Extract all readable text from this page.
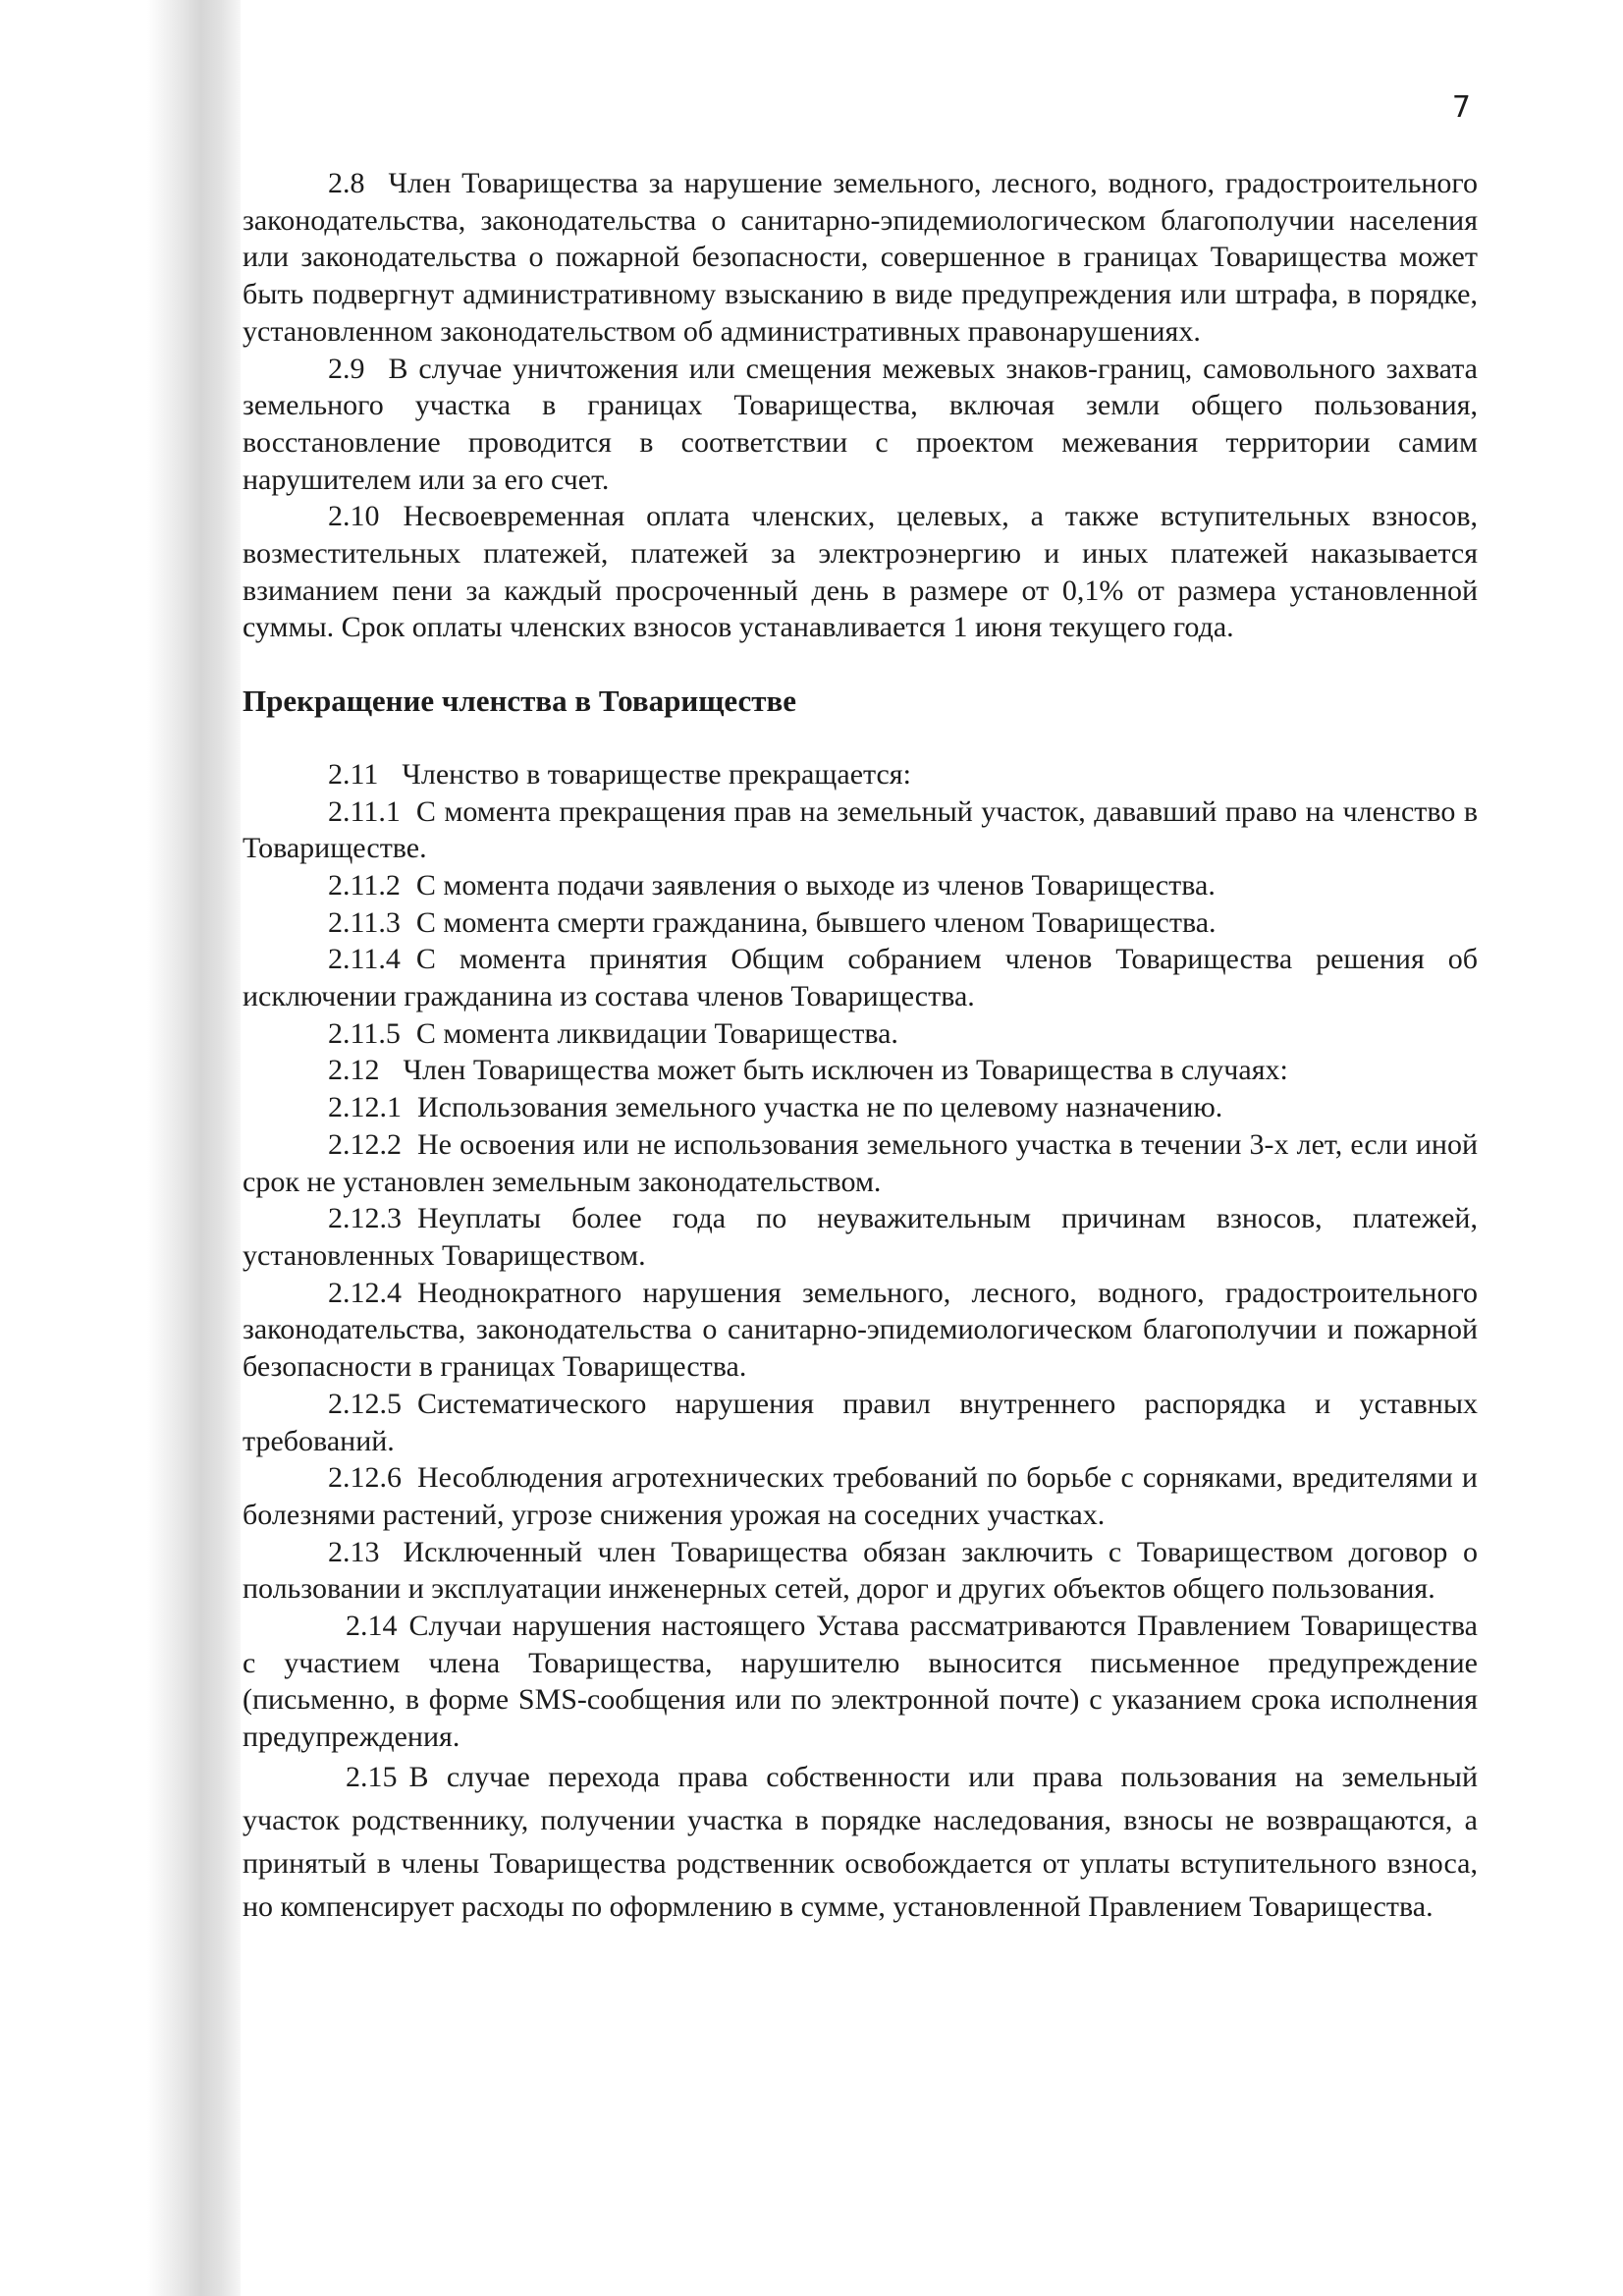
7

2.8 Член Товарищества за нарушение земельного, лесного, водного, градостроительного законодательства, законодательства о санитарно-эпидемиологическом благополучии населения или законодательства о пожарной безопасности, совершенное в границах Товарищества может быть подвергнут административному взысканию в виде предупреждения или штрафа, в порядке, установленном законодательством об административных правонарушениях.

2.9 В случае уничтожения или смещения межевых знаков-границ, самовольного захвата земельного участка в границах Товарищества, включая земли общего пользования, восстановление проводится в соответствии с проектом межевания территории самим нарушителем или за его счет.

2.10 Несвоевременная оплата членских, целевых, а также вступительных взносов, возместительных платежей, платежей за электроэнергию и иных платежей наказывается взиманием пени за каждый просроченный день в размере от 0,1% от размера установленной суммы. Срок оплаты членских взносов устанавливается 1 июня текущего года.

Прекращение членства в Товариществе

2.11 Членство в товариществе прекращается:

2.11.1 С момента прекращения прав на земельный участок, дававший право на членство в Товариществе.

2.11.2 С момента подачи заявления о выходе из членов Товарищества.

2.11.3 С момента смерти гражданина, бывшего членом Товарищества.

2.11.4 С момента принятия Общим собранием членов Товарищества решения об исключении гражданина из состава членов Товарищества.

2.11.5 С момента ликвидации Товарищества.

2.12 Член Товарищества может быть исключен из Товарищества в случаях:

2.12.1 Использования земельного участка не по целевому назначению.

2.12.2 Не освоения или не использования земельного участка в течении 3-х лет, если иной срок не установлен земельным законодательством.

2.12.3 Неуплаты более года по неуважительным причинам взносов, платежей, установленных Товариществом.

2.12.4 Неоднократного нарушения земельного, лесного, водного, градостроительного законодательства, законодательства о санитарно-эпидемиологическом благополучии и пожарной безопасности в границах Товарищества.

2.12.5 Систематического нарушения правил внутреннего распорядка и уставных требований.

2.12.6 Несоблюдения агротехнических требований по борьбе с сорняками, вредителями и болезнями растений, угрозе снижения урожая на соседних участках.

2.13 Исключенный член Товарищества обязан заключить с Товариществом договор о пользовании и эксплуатации инженерных сетей, дорог и других объектов общего пользования.

2.14 Случаи нарушения настоящего Устава рассматриваются Правлением Товарищества с участием члена Товарищества, нарушителю выносится письменное предупреждение (письменно, в форме SMS-сообщения или по электронной почте) с указанием срока исполнения предупреждения.

2.15 В случае перехода права собственности или права пользования на земельный участок родственнику, получении участка в порядке наследования, взносы не возвращаются, а принятый в члены Товарищества родственник освобождается от уплаты вступительного взноса, но компенсирует расходы по оформлению в сумме, установленной Правлением Товарищества.
